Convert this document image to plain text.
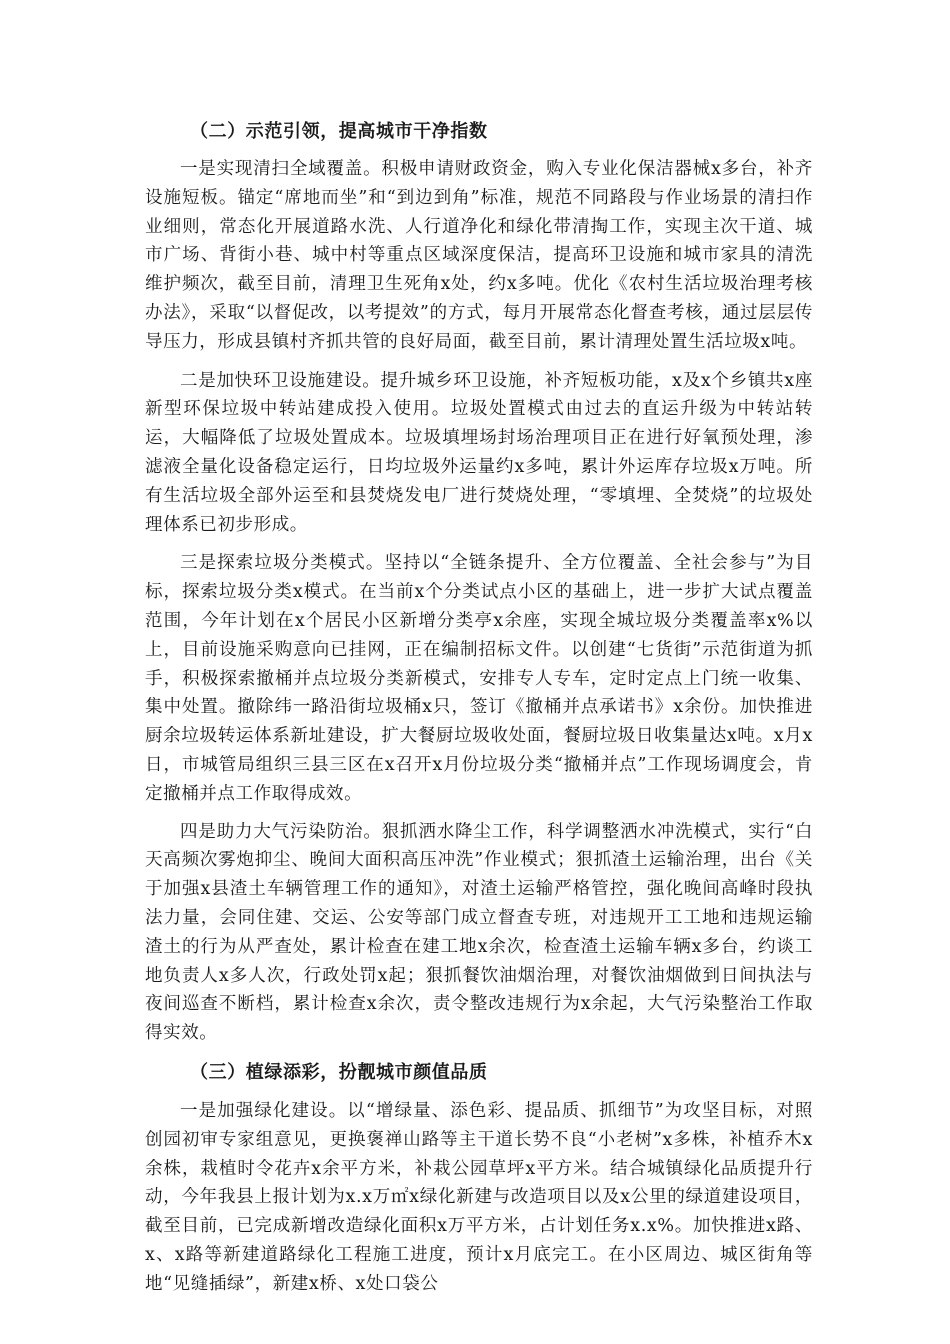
（二）示范引领，提高城市干净指数

一是实现清扫全域覆盖。积极申请财政资金，购入专业化保洁器械x多台，补齐设施短板。锚定“席地而坐”和“到边到角”标准，规范不同路段与作业场景的清扫作业细则，常态化开展道路水洗、人行道净化和绿化带清掏工作，实现主次干道、城市广场、背街小巷、城中村等重点区域深度保洁，提高环卫设施和城市家具的清洗维护频次，截至目前，清理卫生死角x处，约x多吨。优化《农村生活垃圾治理考核办法》，采取“以督促改，以考提效”的方式，每月开展常态化督查考核，通过层层传导压力，形成县镇村齐抓共管的良好局面，截至目前，累计清理处置生活垃圾x吨。

二是加快环卫设施建设。提升城乡环卫设施，补齐短板功能，x及x个乡镇共x座新型环保垃圾中转站建成投入使用。垃圾处置模式由过去的直运升级为中转站转运，大幅降低了垃圾处置成本。垃圾填埋场封场治理项目正在进行好氧预处理，渗滤液全量化设备稳定运行，日均垃圾外运量约x多吨，累计外运库存垃圾x万吨。所有生活垃圾全部外运至和县焚烧发电厂进行焚烧处理，“零填埋、全焚烧”的垃圾处理体系已初步形成。

三是探索垃圾分类模式。坚持以“全链条提升、全方位覆盖、全社会参与”为目标，探索垃圾分类x模式。在当前x个分类试点小区的基础上，进一步扩大试点覆盖范围，今年计划在x个居民小区新增分类亭x余座，实现全城垃圾分类覆盖率x%以上，目前设施采购意向已挂网，正在编制招标文件。以创建“七货街”示范街道为抓手，积极探索撤桶并点垃圾分类新模式，安排专人专车，定时定点上门统一收集、集中处置。撤除纬一路沿街垃圾桶x只，签订《撤桶并点承诺书》x余份。加快推进厨余垃圾转运体系新址建设，扩大餐厨垃圾收处面，餐厨垃圾日收集量达x吨。x月x日，市城管局组织三县三区在x召开x月份垃圾分类“撤桶并点”工作现场调度会，肯定撤桶并点工作取得成效。

四是助力大气污染防治。狠抓洒水降尘工作，科学调整洒水冲洗模式，实行“白天高频次雾炮抑尘、晚间大面积高压冲洗”作业模式；狠抓渣土运输治理，出台《关于加强x县渣土车辆管理工作的通知》，对渣土运输严格管控，强化晚间高峰时段执法力量，会同住建、交运、公安等部门成立督查专班，对违规开工工地和违规运输渣土的行为从严查处，累计检查在建工地x余次，检查渣土运输车辆x多台，约谈工地负责人x多人次，行政处罚x起；狠抓餐饮油烟治理，对餐饮油烟做到日间执法与夜间巡查不断档，累计检查x余次，责令整改违规行为x余起，大气污染整治工作取得实效。

（三）植绿添彩，扮靓城市颜值品质

一是加强绿化建设。以“增绿量、添色彩、提品质、抓细节”为攻坚目标，对照创园初审专家组意见，更换褒禅山路等主干道长势不良“小老树”x多株，补植乔木x余株，栽植时令花卉x余平方米，补栽公园草坪x平方米。结合城镇绿化品质提升行动，今年我县上报计划为x.x万㎡x绿化新建与改造项目以及x公里的绿道建设项目，截至目前，已完成新增改造绿化面积x万平方米，占计划任务x.x%。加快推进x路、x、x路等新建道路绿化工程施工进度，预计x月底完工。在小区周边、城区街角等地“见缝插绿”，新建x桥、x处口袋公
